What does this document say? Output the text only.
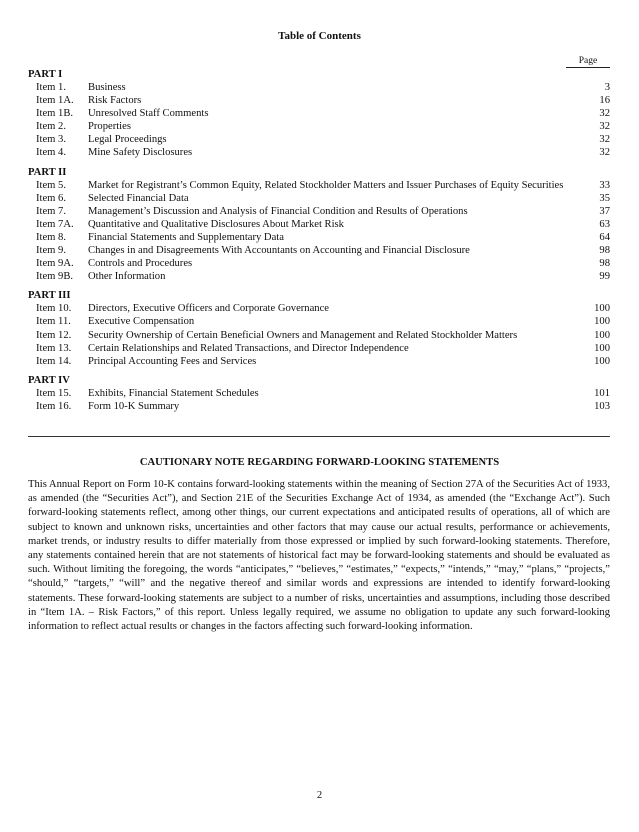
Table of Contents
Page
PART I
Item 1.	Business	3
Item 1A.	Risk Factors	16
Item 1B.	Unresolved Staff Comments	32
Item 2.	Properties	32
Item 3.	Legal Proceedings	32
Item 4.	Mine Safety Disclosures	32
PART II
Item 5.	Market for Registrant’s Common Equity, Related Stockholder Matters and Issuer Purchases of Equity Securities	33
Item 6.	Selected Financial Data	35
Item 7.	Management’s Discussion and Analysis of Financial Condition and Results of Operations	37
Item 7A.	Quantitative and Qualitative Disclosures About Market Risk	63
Item 8.	Financial Statements and Supplementary Data	64
Item 9.	Changes in and Disagreements With Accountants on Accounting and Financial Disclosure	98
Item 9A.	Controls and Procedures	98
Item 9B.	Other Information	99
PART III
Item 10.	Directors, Executive Officers and Corporate Governance	100
Item 11.	Executive Compensation	100
Item 12.	Security Ownership of Certain Beneficial Owners and Management and Related Stockholder Matters	100
Item 13.	Certain Relationships and Related Transactions, and Director Independence	100
Item 14.	Principal Accounting Fees and Services	100
PART IV
Item 15.	Exhibits, Financial Statement Schedules	101
Item 16.	Form 10-K Summary	103
CAUTIONARY NOTE REGARDING FORWARD-LOOKING STATEMENTS
This Annual Report on Form 10-K contains forward-looking statements within the meaning of Section 27A of the Securities Act of 1933, as amended (the “Securities Act”), and Section 21E of the Securities Exchange Act of 1934, as amended (the “Exchange Act”). Such forward-looking statements reflect, among other things, our current expectations and anticipated results of operations, all of which are subject to known and unknown risks, uncertainties and other factors that may cause our actual results, performance or achievements, market trends, or industry results to differ materially from those expressed or implied by such forward-looking statements. Therefore, any statements contained herein that are not statements of historical fact may be forward-looking statements and should be evaluated as such. Without limiting the foregoing, the words “anticipates,” “believes,” “estimates,” “expects,” “intends,” “may,” “plans,” “projects,” “should,” “targets,” “will” and the negative thereof and similar words and expressions are intended to identify forward-looking statements. These forward-looking statements are subject to a number of risks, uncertainties and assumptions, including those described in “Item 1A. – Risk Factors,” of this report. Unless legally required, we assume no obligation to update any such forward-looking information to reflect actual results or changes in the factors affecting such forward-looking information.
2
